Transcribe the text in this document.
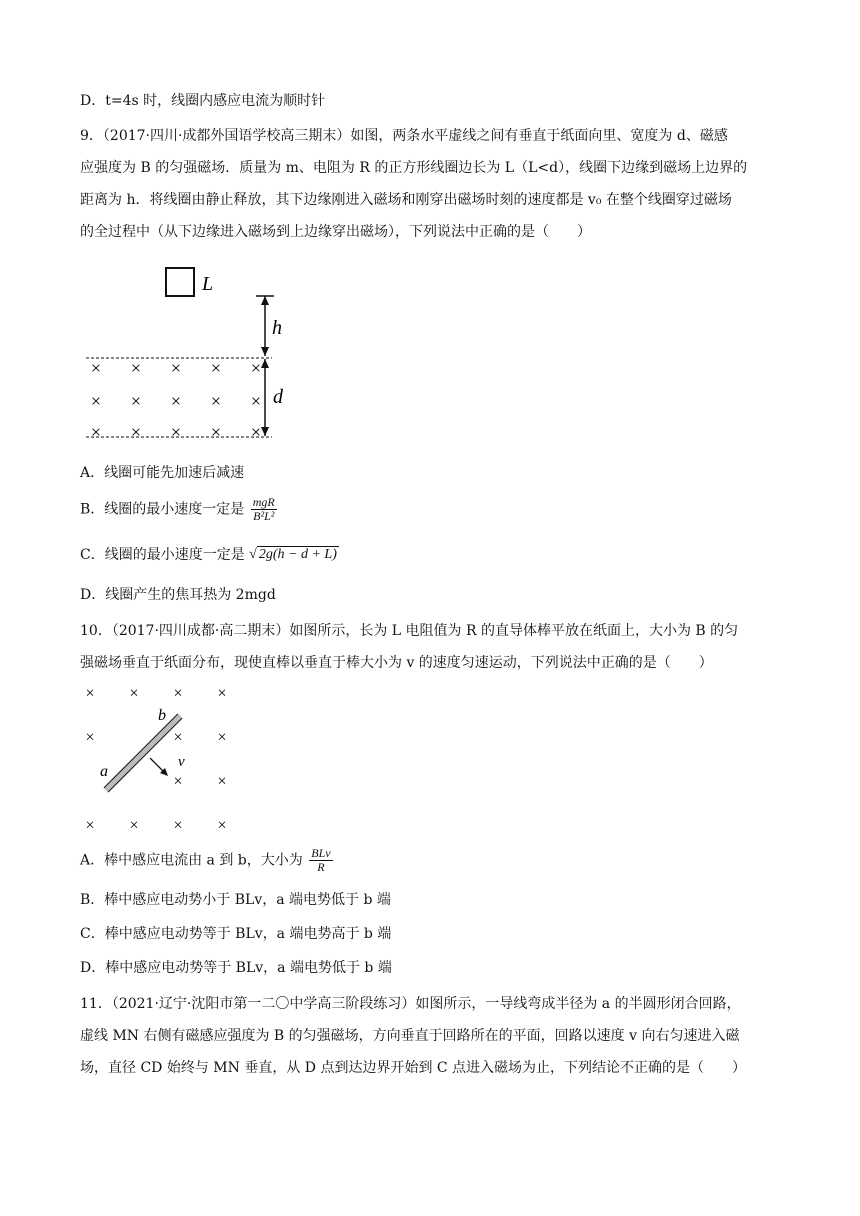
D．t=4s 时，线圈内感应电流为顺时针
9．（2017·四川·成都外国语学校高三期末）如图，两条水平虚线之间有垂直于纸面向里、宽度为 d、磁感
应强度为 B 的匀强磁场．质量为 m、电阻为 R 的正方形线圈边长为 L（L<d），线圈下边缘到磁场上边界的
距离为 h．将线圈由静止释放，其下边缘刚进入磁场和刚穿出磁场时刻的速度都是 v₀ 在整个线圈穿过磁场
的全过程中（从下边缘进入磁场到上边缘穿出磁场），下列说法中正确的是（　　）
L
h
d
× × × × ×
× × × × ×
× × × × ×
A．线圈可能先加速后减速
B．线圈的最小速度一定是 $\frac{\text{mgR}}{\text{B²L²}}$
C．线圈的最小速度一定是 √ 2g(h − d + L)
D．线圈产生的焦耳热为 2mgd
10．（2017·四川成都·高二期末）如图所示，长为 L 电阻值为 R 的直导体棒平放在纸面上，大小为 B 的匀
强磁场垂直于纸面分布，现使直棒以垂直于棒大小为 v 的速度匀速运动，下列说法中正确的是（　　）
× × × ×
×	× ×
× ×
× × × ×
b
a
v
A．棒中感应电流由 a 到 b，大小为 $\frac{\text{BLv}}{R}$
B．棒中感应电动势小于 BLv，a 端电势低于 b 端
C．棒中感应电动势等于 BLv，a 端电势高于 b 端
D．棒中感应电动势等于 BLv，a 端电势低于 b 端
11．（2021·辽宁·沈阳市第一二〇中学高三阶段练习）如图所示，一导线弯成半径为 a 的半圆形闭合回路，
虚线 MN 右侧有磁感应强度为 B 的匀强磁场，方向垂直于回路所在的平面，回路以速度 v 向右匀速进入磁
场，直径 CD 始终与 MN 垂直，从 D 点到达边界开始到 C 点进入磁场为止，下列结论不正确的是（　　）
